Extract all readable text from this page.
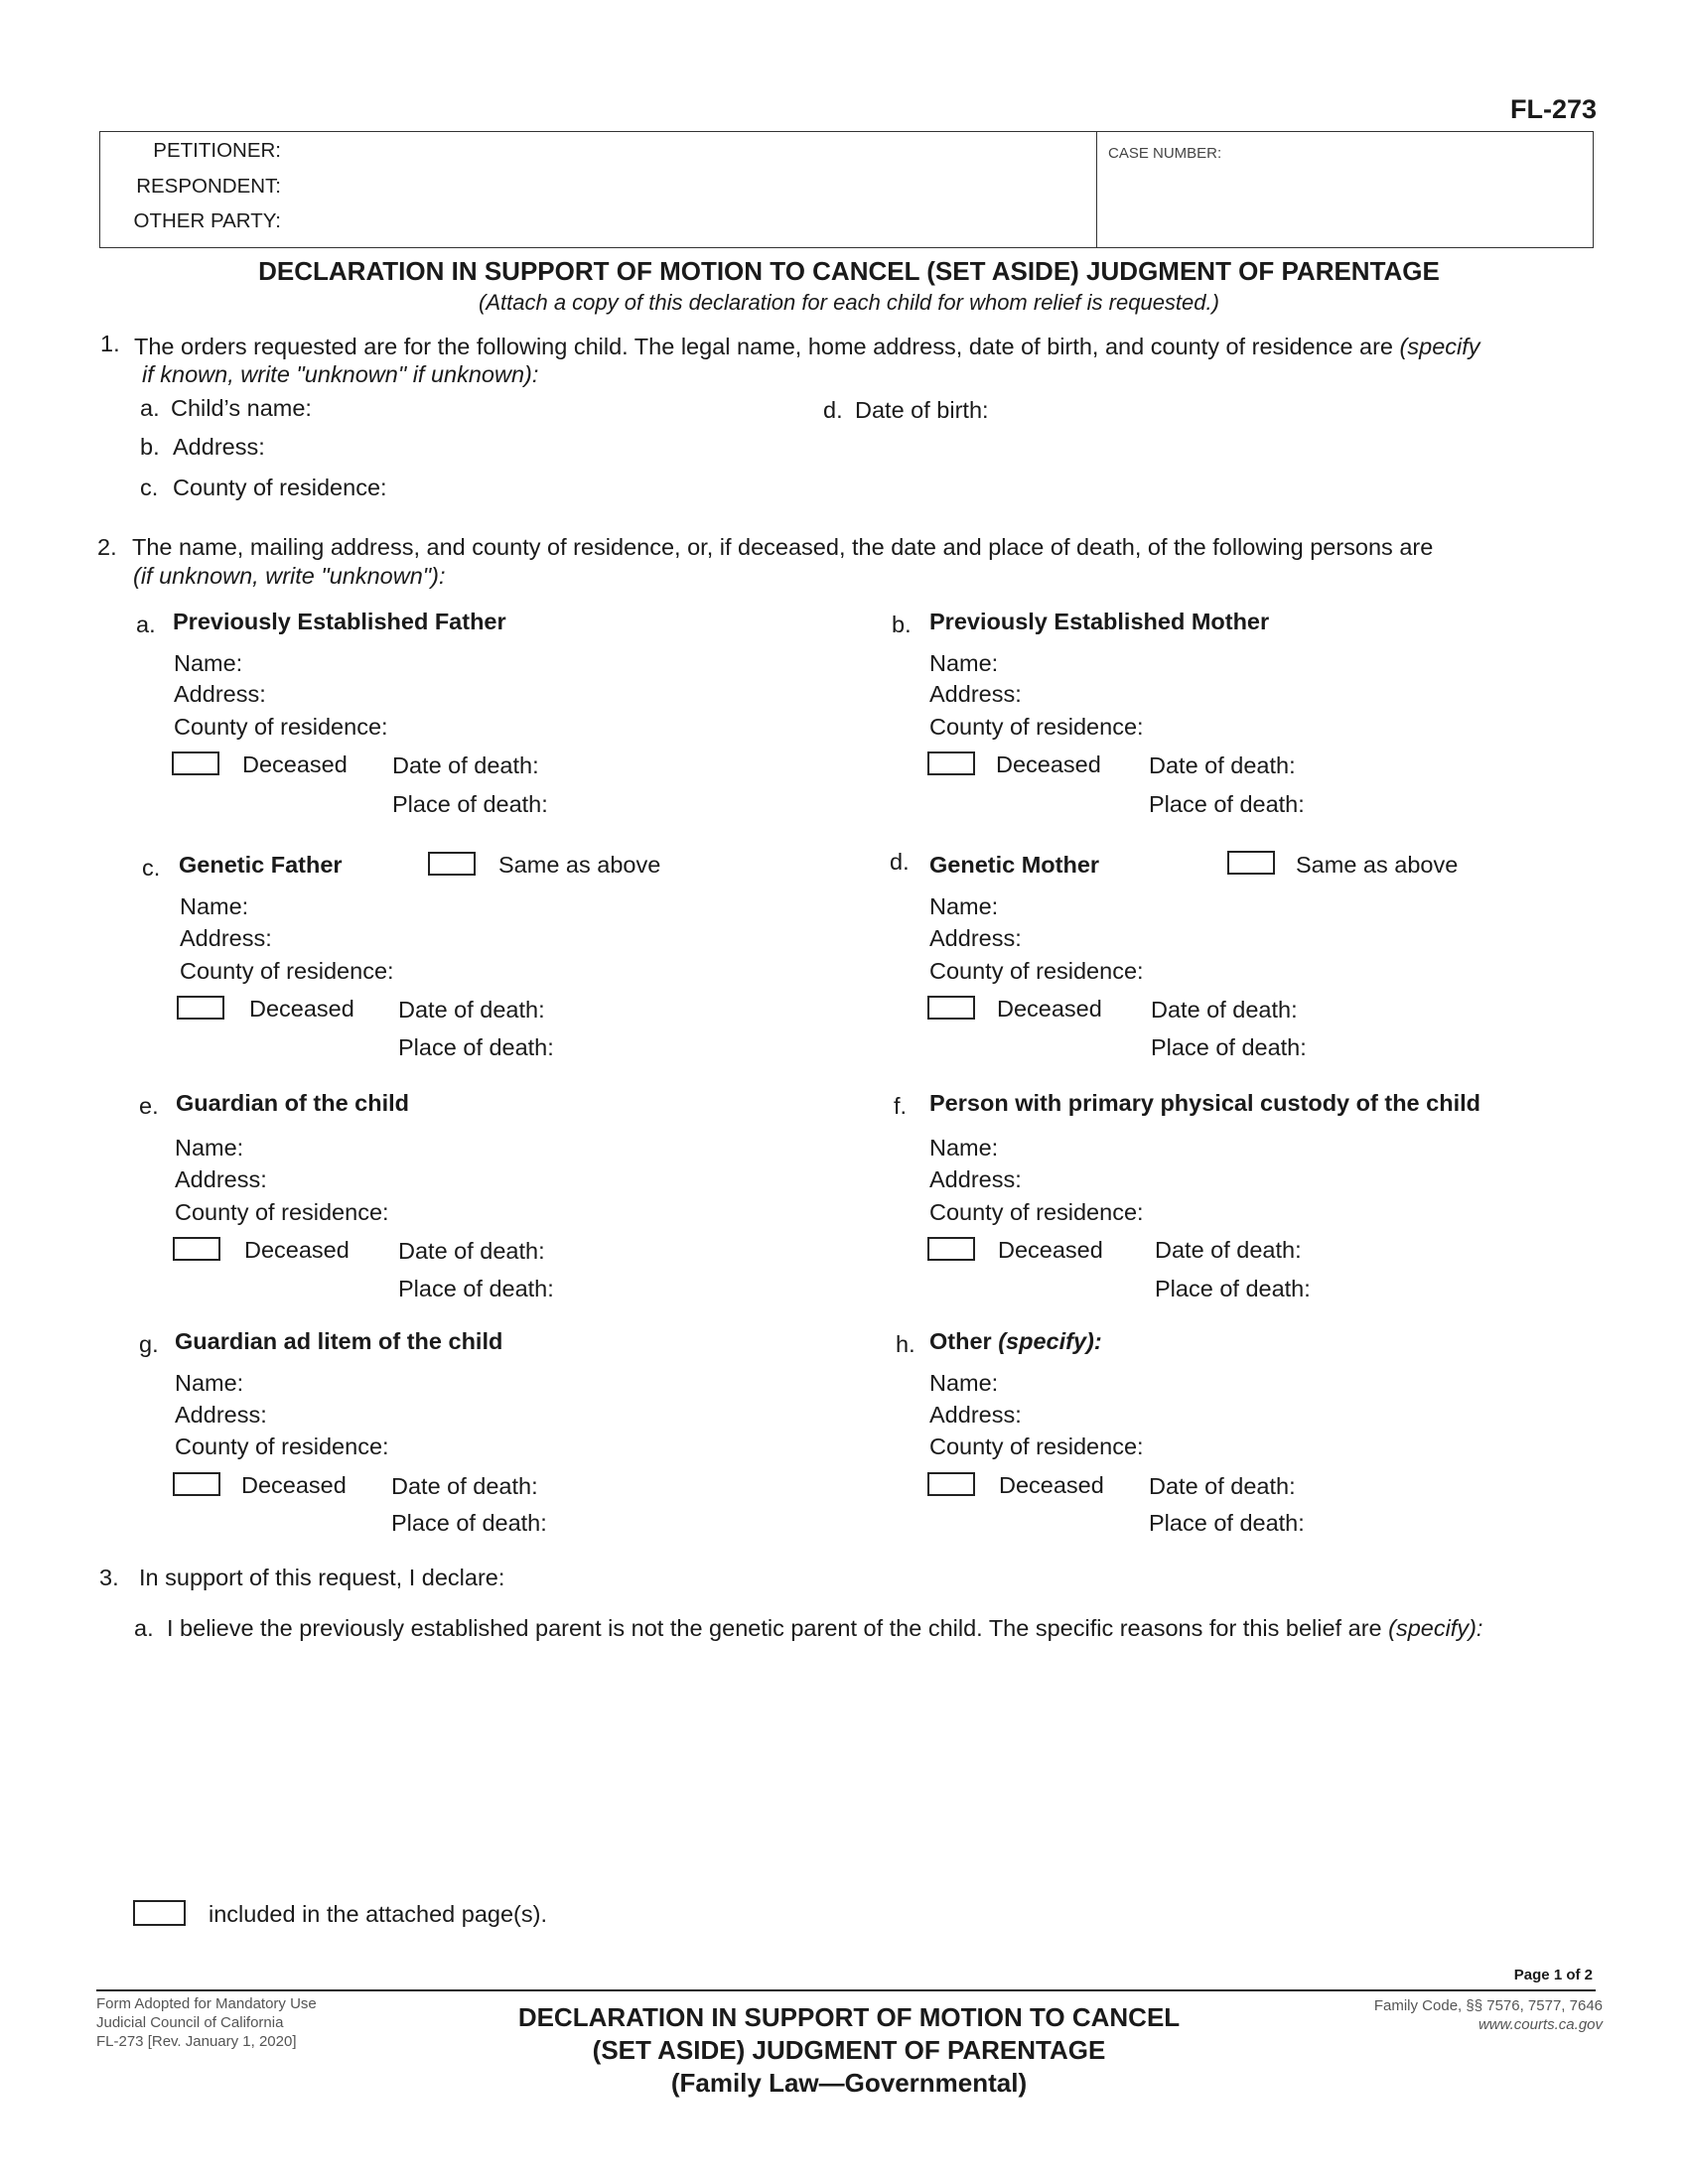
FL-273
PETITIONER:
RESPONDENT:
OTHER PARTY:
CASE NUMBER:
DECLARATION IN SUPPORT OF MOTION TO CANCEL (SET ASIDE) JUDGMENT OF PARENTAGE
(Attach a copy of this declaration for each child for whom relief is requested.)
1. The orders requested are for the following child. The legal name, home address, date of birth, and county of residence are (specify
if known, write "unknown" if unknown):
a. Child’s name:	d. Date of birth:
b. Address:
c. County of residence:
2. The name, mailing address, and county of residence, or, if deceased, the date and place of death, of the following persons are
(if unknown, write "unknown"):
a. Previously Established Father
Name:
Address:
County of residence:
Deceased Date of death:
Place of death:
b. Previously Established Mother
Name:
Address:
County of residence:
Deceased Date of death:
Place of death:
c. Genetic Father	Same as above
Name:
Address:
County of residence:
Deceased Date of death:
Place of death:
d. Genetic Mother	Same as above
Name:
Address:
County of residence:
Deceased Date of death:
Place of death:
e. Guardian of the child
Name:
Address:
County of residence:
Deceased Date of death:
Place of death:
f. Person with primary physical custody of the child
Name:
Address:
County of residence:
Deceased Date of death:
Place of death:
g. Guardian ad litem of the child
Name:
Address:
County of residence:
Deceased Date of death:
Place of death:
h. Other (specify):
Name:
Address:
County of residence:
Deceased Date of death:
Place of death:
3. In support of this request, I declare:
a. I believe the previously established parent is not the genetic parent of the child. The specific reasons for this belief are (specify):
included in the attached page(s).
Page 1 of 2
Form Adopted for Mandatory Use
Judicial Council of California
FL-273 [Rev. January 1, 2020]
DECLARATION IN SUPPORT OF MOTION TO CANCEL
(SET ASIDE) JUDGMENT OF PARENTAGE
(Family Law—Governmental)
Family Code, §§ 7576, 7577, 7646
www.courts.ca.gov
